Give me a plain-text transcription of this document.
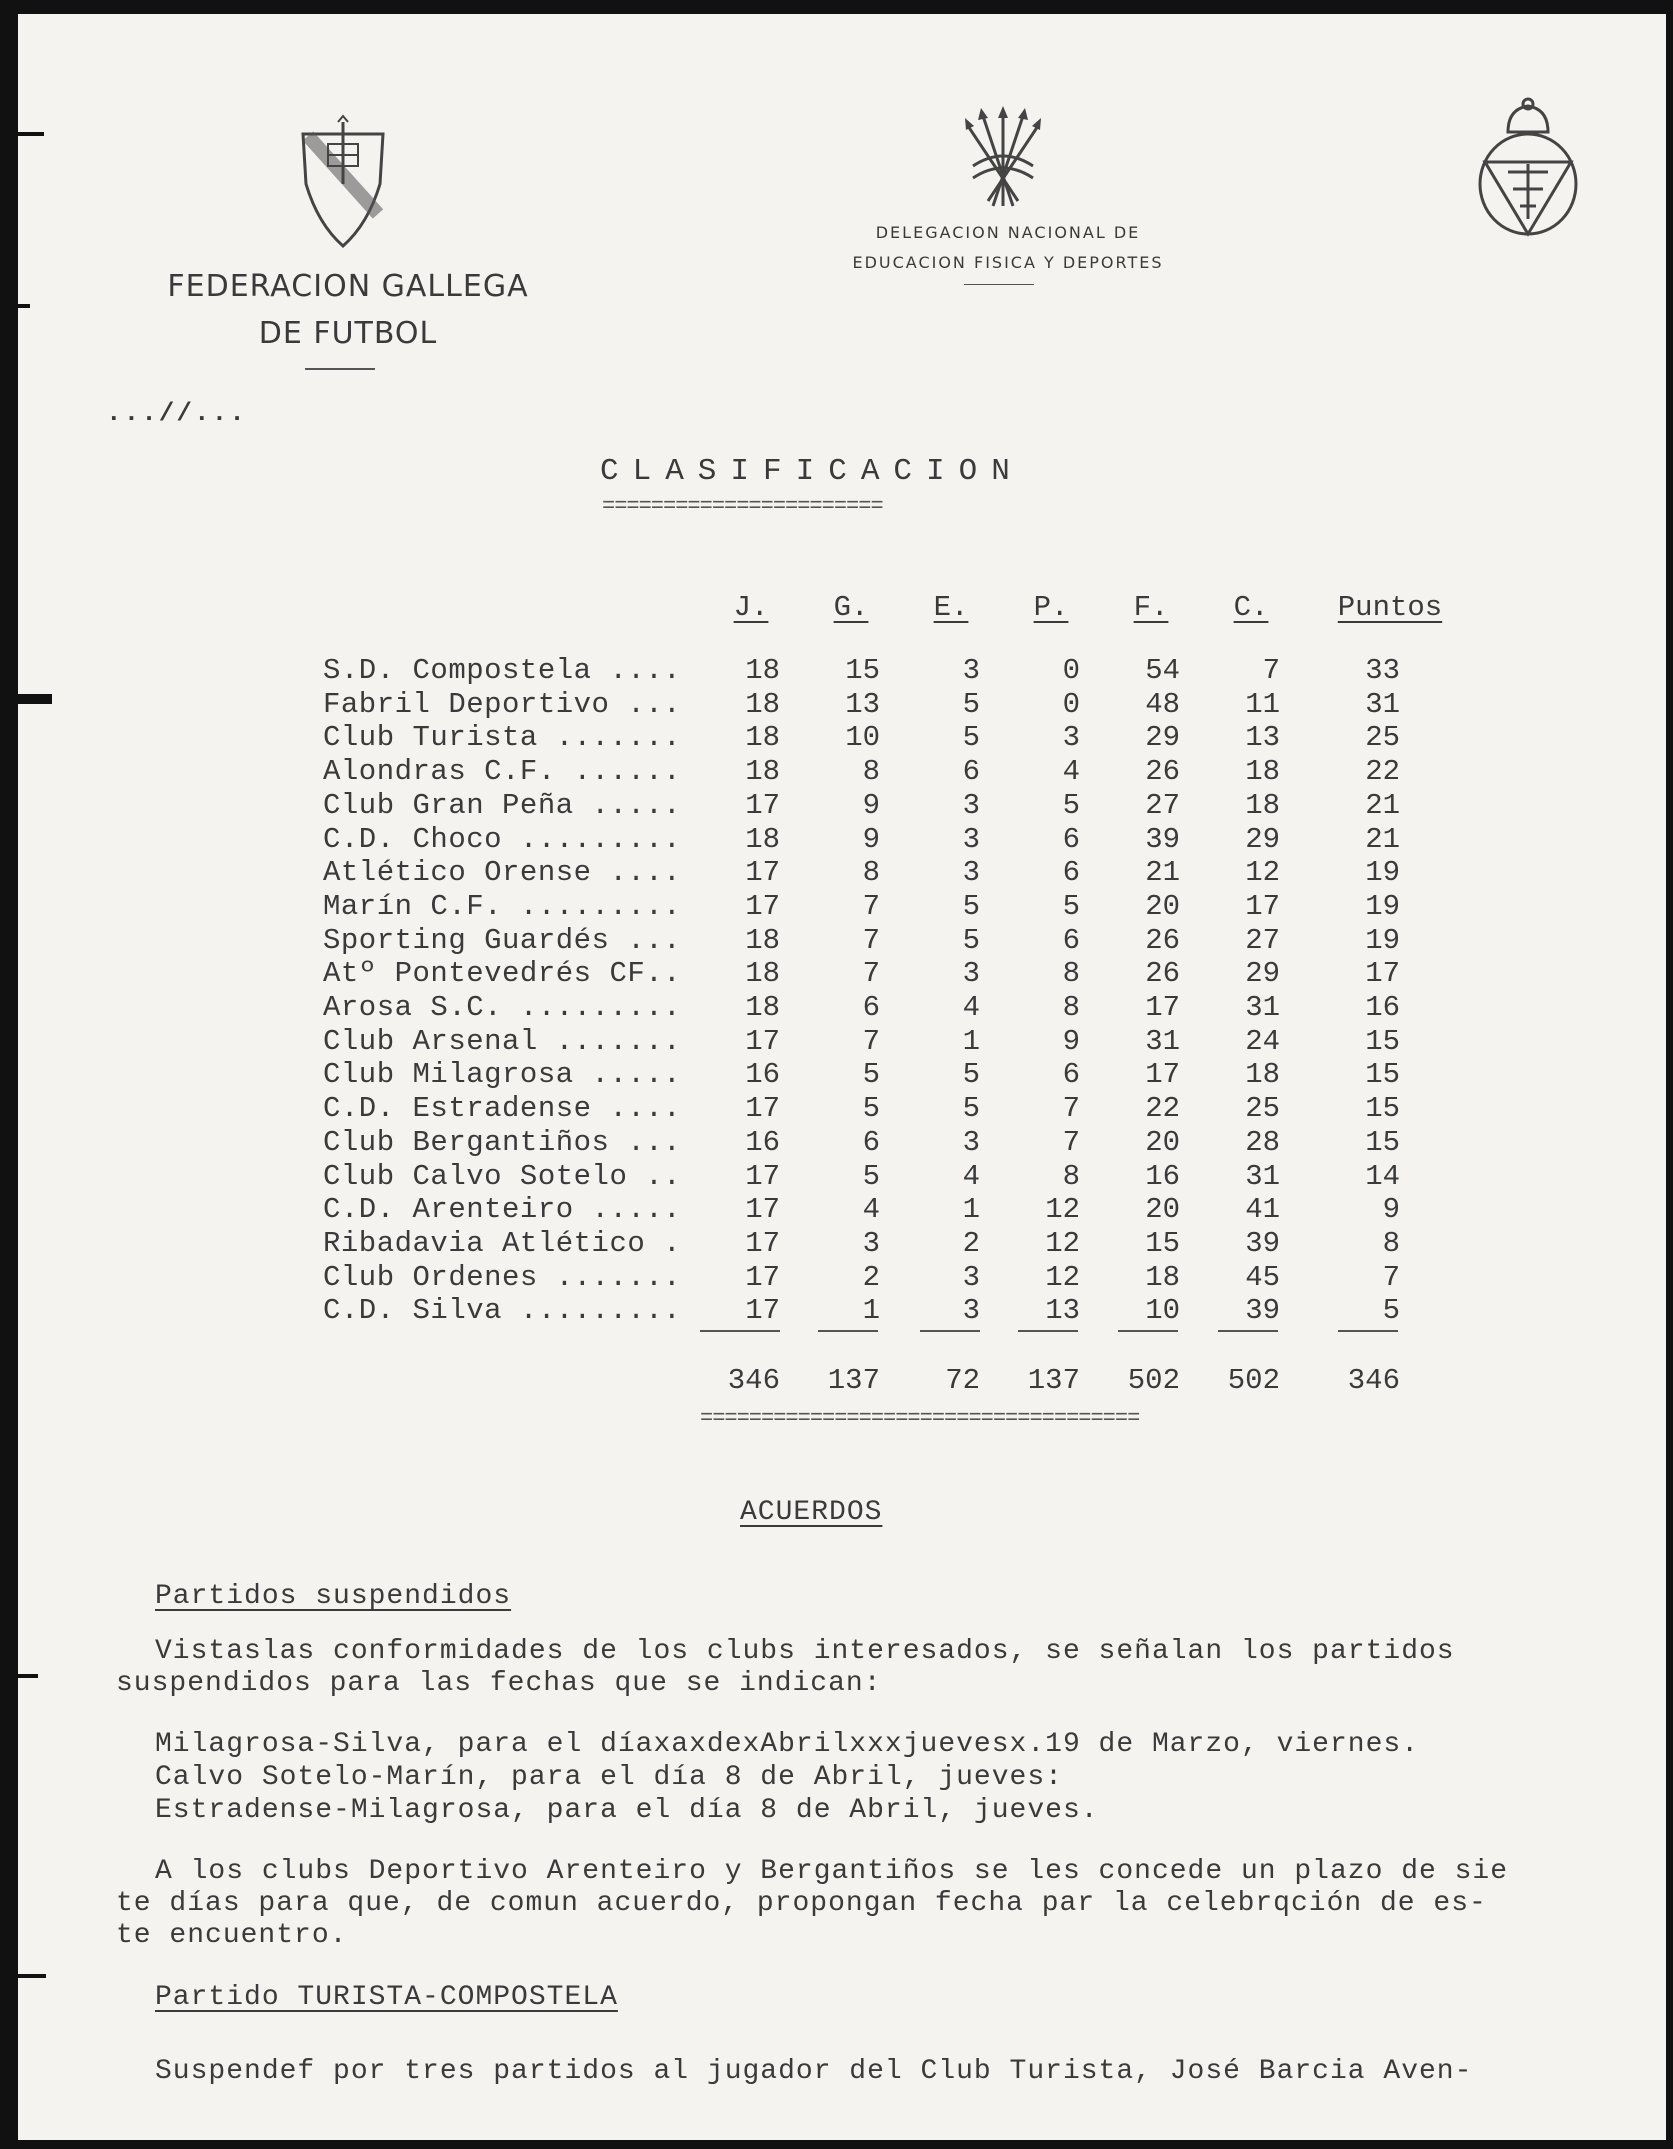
FEDERACION GALLEGA
DE FUTBOL
DELEGACION NACIONAL DE
EDUCACION FISICA Y DEPORTES
...//...
CLASIFICACION
=======================
J.	G.	E.	P.	F.	C.	Puntos
S.D. Compostela ....	18	15	3	0	54	7	33
Fabril Deportivo ...	18	13	5	0	48	11	31
Club Turista .......	18	10	5	3	29	13	25
Alondras C.F. ......	18	8	6	4	26	18	22
Club Gran Peña .....	17	9	3	5	27	18	21
C.D. Choco .........	18	9	3	6	39	29	21
Atlético Orense ....	17	8	3	6	21	12	19
Marín C.F. .........	17	7	5	5	20	17	19
Sporting Guardés ...	18	7	5	6	26	27	19
Atº Pontevedrés CF..	18	7	3	8	26	29	17
Arosa S.C. .........	18	6	4	8	17	31	16
Club Arsenal .......	17	7	1	9	31	24	15
Club Milagrosa .....	16	5	5	6	17	18	15
C.D. Estradense ....	17	5	5	7	22	25	15
Club Bergantiños ...	16	6	3	7	20	28	15
Club Calvo Sotelo ..	17	5	4	8	16	31	14
C.D. Arenteiro .....	17	4	1	12	20	41	9
Ribadavia Atlético .	17	3	2	12	15	39	8
Club Ordenes .......	17	2	3	12	18	45	7
C.D. Silva .........	17	1	3	13	10	39	5
346	137	72	137	502	502	346
====================================
ACUERDOS
Partidos suspendidos
Vistaslas conformidades de los clubs interesados, se señalan los partidos
suspendidos para las fechas que se indican:
Milagrosa-Silva, para el díaxaxdexAbrilxxxjuevesx.19 de Marzo, viernes.
Calvo Sotelo-Marín, para el día 8 de Abril, jueves:
Estradense-Milagrosa, para el día 8 de Abril, jueves.
A los clubs Deportivo Arenteiro y Bergantiños se les concede un plazo de sie
te días para que, de comun acuerdo, propongan fecha par la celebrqción de es-
te encuentro.
Partido TURISTA-COMPOSTELA
Suspendef por tres partidos al jugador del Club Turista, José Barcia Aven-
